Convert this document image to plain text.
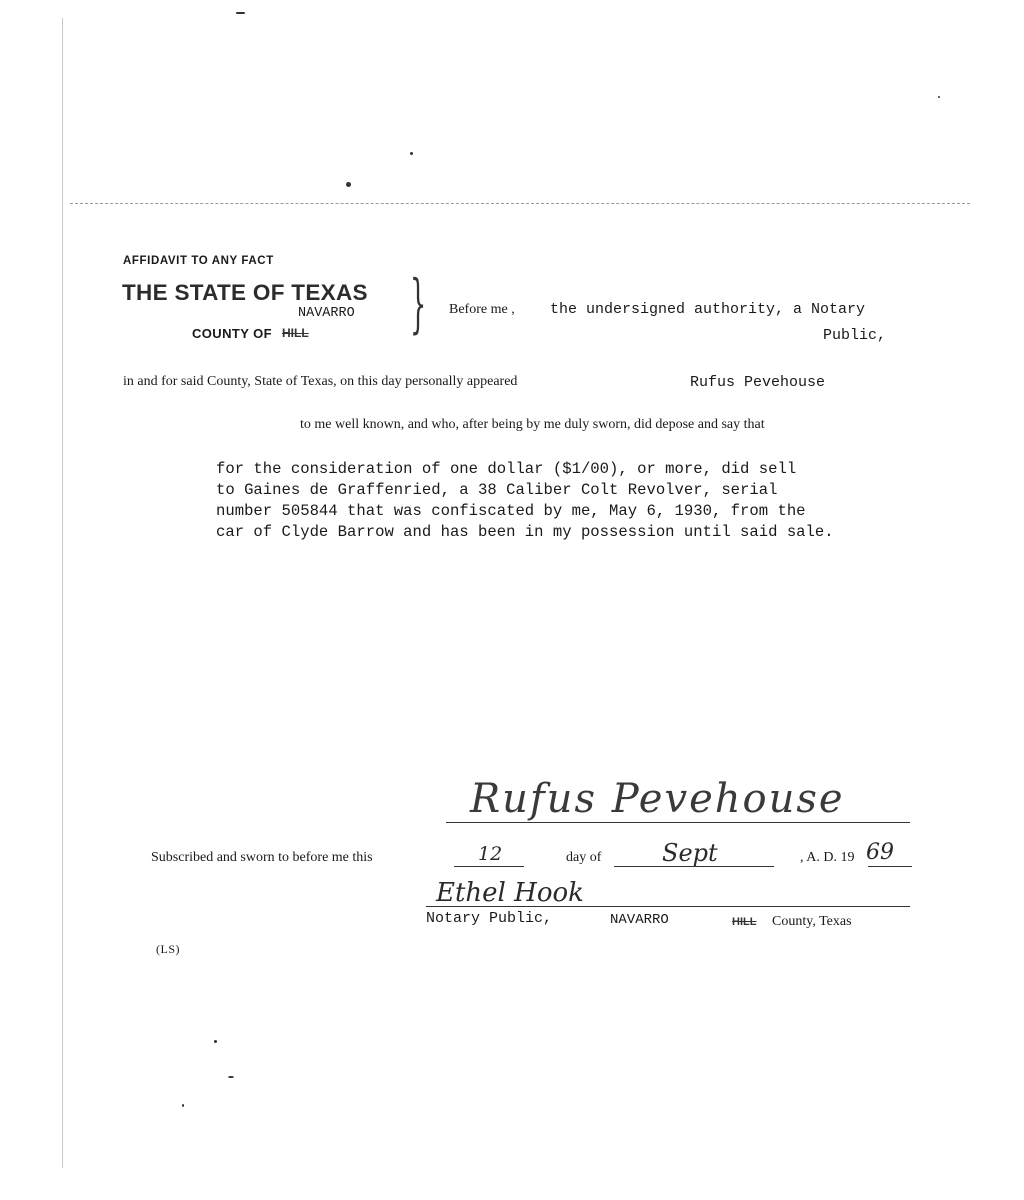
AFFIDAVIT TO ANY FACT
THE STATE OF TEXAS
NAVARRO
COUNTY OF HILL } Before me , the undersigned authority, a Notary
Public,
in and for said County, State of Texas, on this day personally appeared	Rufus Pevehouse
to me well known, and who, after being by me duly sworn, did depose and say that
for the consideration of one dollar ($1/00), or more, did sell
to Gaines de Graffenried, a 38 Caliber Colt Revolver, serial
number 505844 that was confiscated by me, May 6, 1930, from the
car of Clyde Barrow and has been in my possession until said sale.
Rufus Pevehouse
Subscribed and sworn to before me this	12	day of	Sept	, A. D. 19 69
Ethel Hook
Notary Public,	NAVARRO	HILL County, Texas
(LS)
